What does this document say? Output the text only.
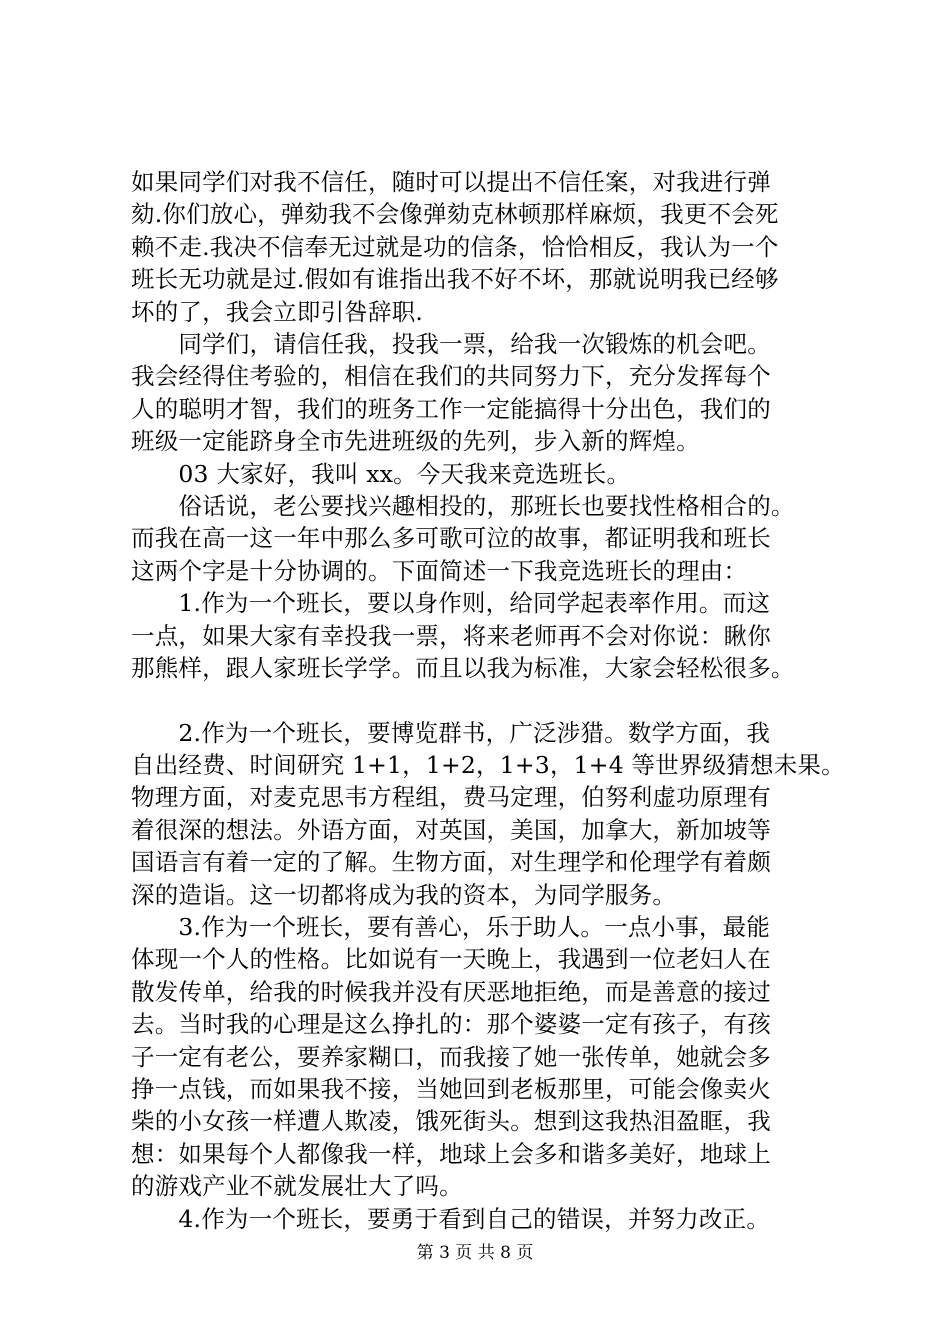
如果同学们对我不信任，随时可以提出不信任案，对我进行弹
劾.你们放心，弹劾我不会像弹劾克林顿那样麻烦，我更不会死
赖不走.我决不信奉无过就是功的信条，恰恰相反，我认为一个
班长无功就是过.假如有谁指出我不好不坏，那就说明我已经够
坏的了，我会立即引咎辞职.

　　同学们，请信任我，投我一票，给我一次锻炼的机会吧。
我会经得住考验的，相信在我们的共同努力下，充分发挥每个
人的聪明才智，我们的班务工作一定能搞得十分出色，我们的
班级一定能跻身全市先进班级的先列，步入新的辉煌。

　　03 大家好，我叫 xx。今天我来竞选班长。

　　俗话说，老公要找兴趣相投的，那班长也要找性格相合的。
而我在高一这一年中那么多可歌可泣的故事，都证明我和班长
这两个字是十分协调的。下面简述一下我竞选班长的理由：

　　1.作为一个班长，要以身作则，给同学起表率作用。而这
一点，如果大家有幸投我一票，将来老师再不会对你说：瞅你
那熊样，跟人家班长学学。而且以我为标准，大家会轻松很多。

　　2.作为一个班长，要博览群书，广泛涉猎。数学方面，我
自出经费、时间研究 1+1，1+2，1+3，1+4 等世界级猜想未果。
物理方面，对麦克思韦方程组，费马定理，伯努利虚功原理有
着很深的想法。外语方面，对英国，美国，加拿大，新加坡等
国语言有着一定的了解。生物方面，对生理学和伦理学有着颇
深的造诣。这一切都将成为我的资本，为同学服务。

　　3.作为一个班长，要有善心，乐于助人。一点小事，最能
体现一个人的性格。比如说有一天晚上，我遇到一位老妇人在
散发传单，给我的时候我并没有厌恶地拒绝，而是善意的接过
去。当时我的心理是这么挣扎的：那个婆婆一定有孩子，有孩
子一定有老公，要养家糊口，而我接了她一张传单，她就会多
挣一点钱，而如果我不接，当她回到老板那里，可能会像卖火
柴的小女孩一样遭人欺凌，饿死街头。想到这我热泪盈眶，我
想：如果每个人都像我一样，地球上会多和谐多美好，地球上
的游戏产业不就发展壮大了吗。

　　4.作为一个班长，要勇于看到自己的错误，并努力改正。

第 3 页 共 8 页
